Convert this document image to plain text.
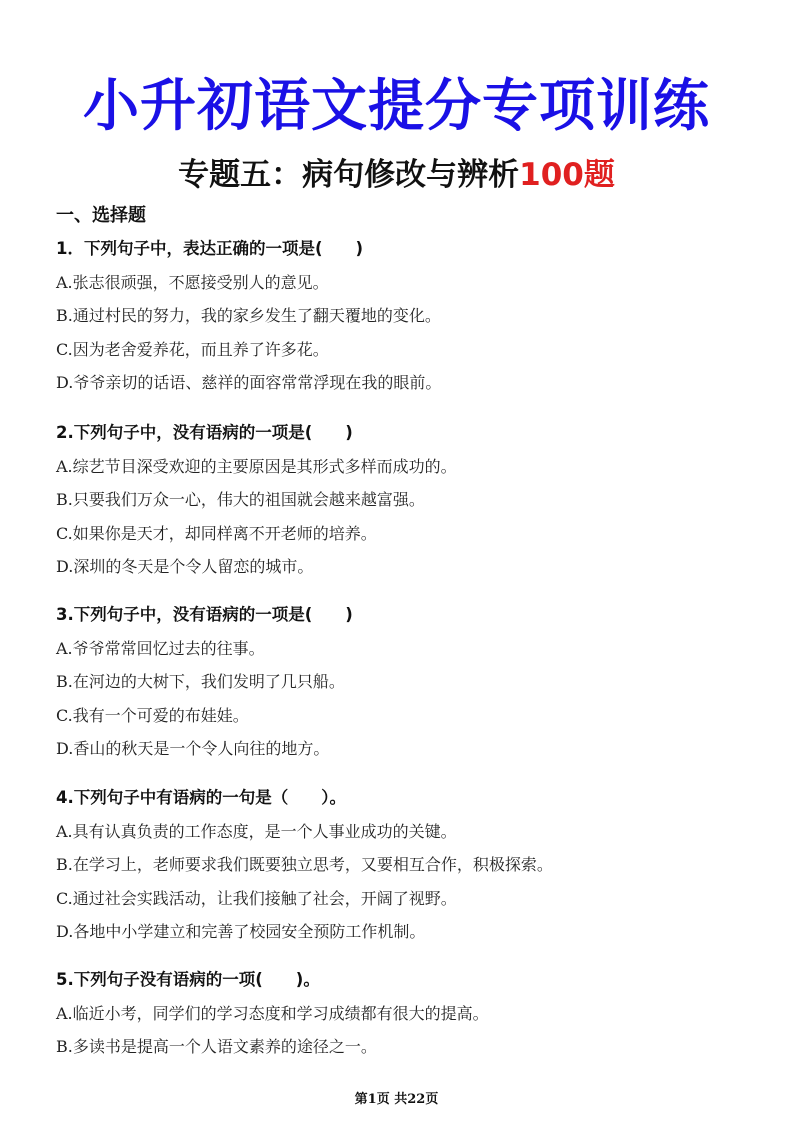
小升初语文提分专项训练
专题五：病句修改与辨析100题
一、选择题
1．下列句子中，表达正确的一项是(　　)
A.张志很顽强，不愿接受别人的意见。
B.通过村民的努力，我的家乡发生了翻天覆地的变化。
C.因为老舍爱养花，而且养了许多花。
D.爷爷亲切的话语、慈祥的面容常常浮现在我的眼前。
2.下列句子中，没有语病的一项是(　　)
A.综艺节目深受欢迎的主要原因是其形式多样而成功的。
B.只要我们万众一心，伟大的祖国就会越来越富强。
C.如果你是天才，却同样离不开老师的培养。
D.深圳的冬天是个令人留恋的城市。
3.下列句子中，没有语病的一项是(　　)
A.爷爷常常回忆过去的往事。
B.在河边的大树下，我们发明了几只船。
C.我有一个可爱的布娃娃。
D.香山的秋天是一个令人向往的地方。
4.下列句子中有语病的一句是（　　）。
A.具有认真负责的工作态度，是一个人事业成功的关键。
B.在学习上，老师要求我们既要独立思考，又要相互合作，积极探索。
C.通过社会实践活动，让我们接触了社会，开阔了视野。
D.各地中小学建立和完善了校园安全预防工作机制。
5.下列句子没有语病的一项(　　)。
A.临近小考，同学们的学习态度和学习成绩都有很大的提高。
B.多读书是提高一个人语文素养的途径之一。
第1页 共22页
